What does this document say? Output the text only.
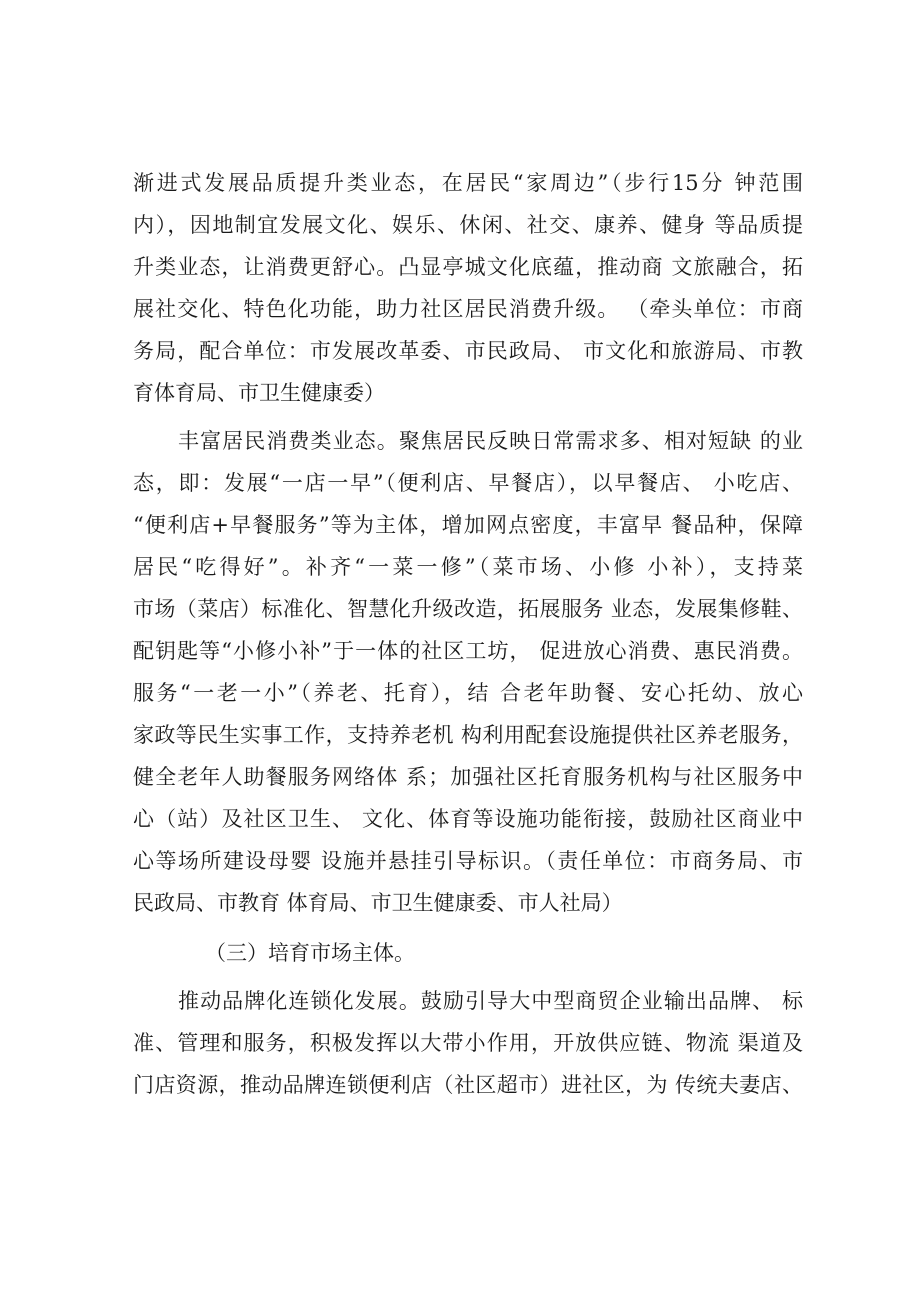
渐进式发展品质提升类业态，在居民“家周边”（步行15分 钟范围
内），因地制宜发展文化、娱乐、休闲、社交、康养、健身 等品质提
升类业态，让消费更舒心。凸显亭城文化底蕴，推动商 文旅融合，拓
展社交化、特色化功能，助力社区居民消费升级。 （牵头单位：市商
务局，配合单位：市发展改革委、市民政局、 市文化和旅游局、市教
育体育局、市卫生健康委）
丰富居民消费类业态。聚焦居民反映日常需求多、相对短缺 的业
态，即：发展“一店一早”（便利店、早餐店），以早餐店、 小吃店、
“便利店+早餐服务”等为主体，增加网点密度，丰富早 餐品种，保障
居民“吃得好”。补齐“一菜一修”（菜市场、小修 小补），支持菜
市场（菜店）标准化、智慧化升级改造，拓展服务 业态，发展集修鞋、
配钥匙等“小修小补”于一体的社区工坊， 促进放心消费、惠民消费。
服务“一老一小”（养老、托育），结 合老年助餐、安心托幼、放心
家政等民生实事工作，支持养老机 构利用配套设施提供社区养老服务，
健全老年人助餐服务网络体 系；加强社区托育服务机构与社区服务中
心（站）及社区卫生、 文化、体育等设施功能衔接，鼓励社区商业中
心等场所建设母婴 设施并悬挂引导标识。（责任单位：市商务局、市
民政局、市教育 体育局、市卫生健康委、市人社局）
（三）培育市场主体。
推动品牌化连锁化发展。鼓励引导大中型商贸企业输出品牌、 标
准、管理和服务，积极发挥以大带小作用，开放供应链、物流 渠道及
门店资源，推动品牌连锁便利店（社区超市）进社区，为 传统夫妻店、
